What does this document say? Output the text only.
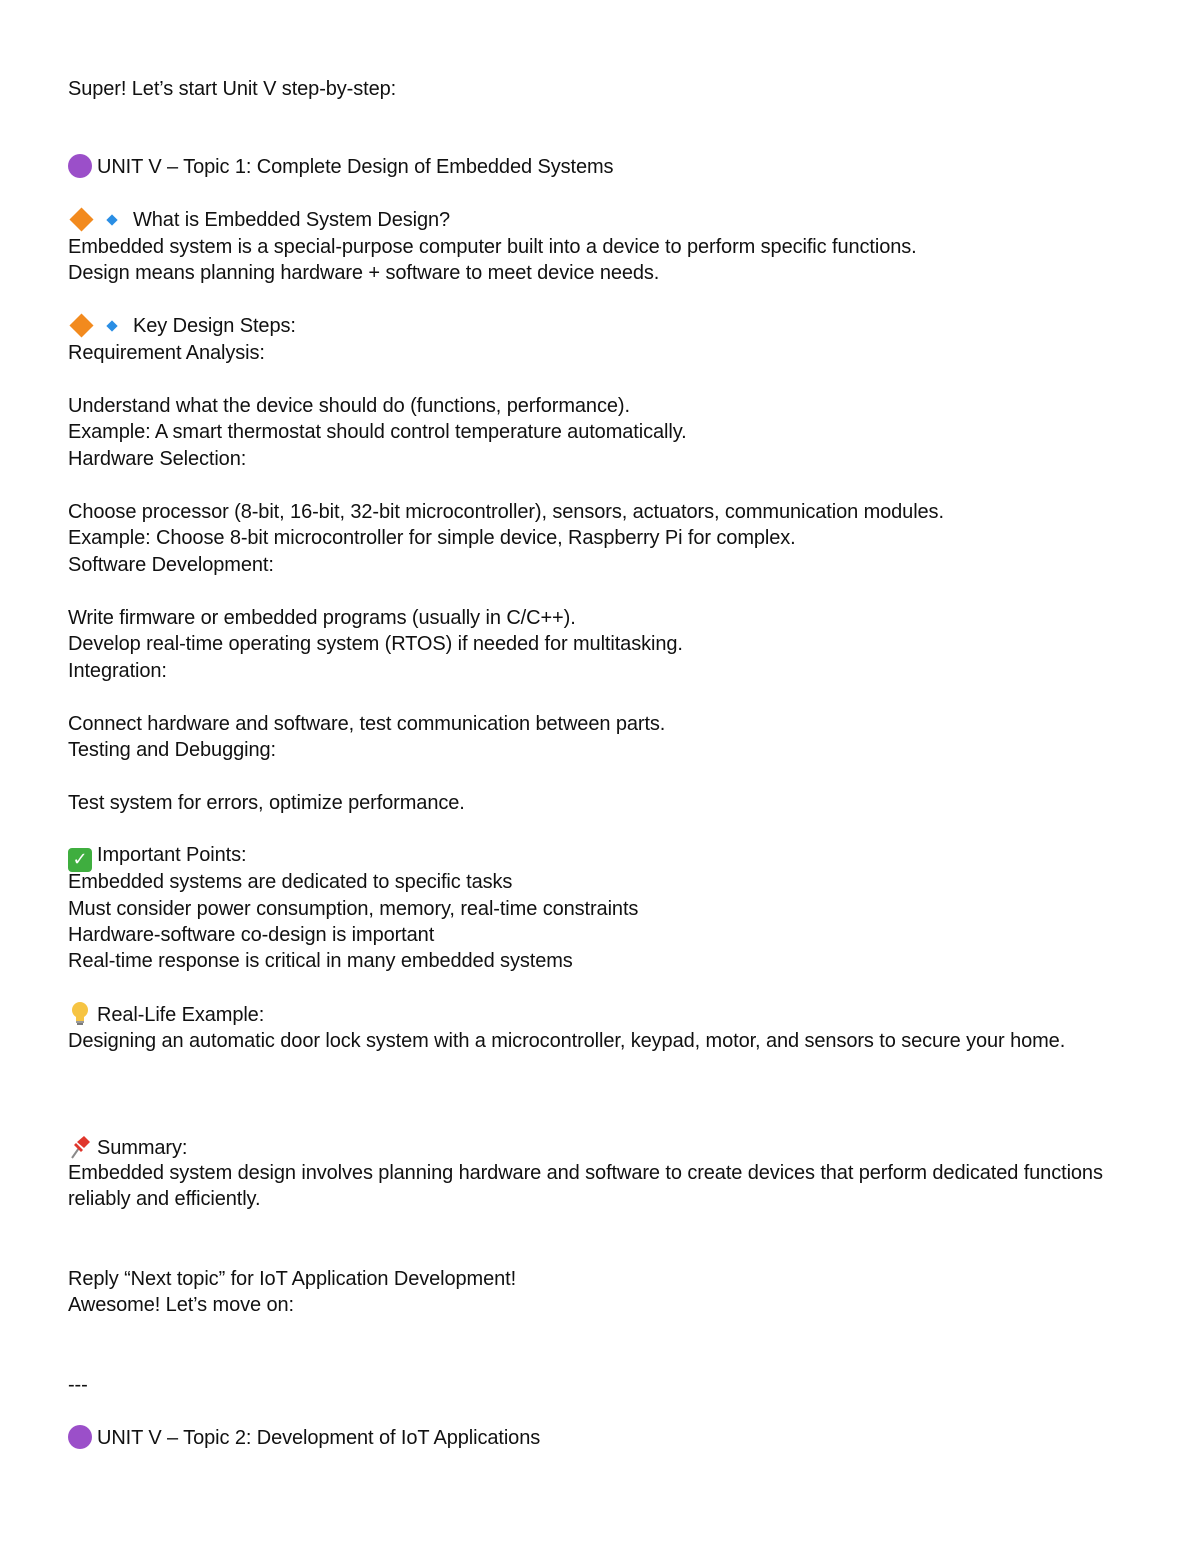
Super! Let’s start Unit V step-by-step:
UNIT V – Topic 1: Complete Design of Embedded Systems
What is Embedded System Design?
Embedded system is a special-purpose computer built into a device to perform specific functions.
Design means planning hardware + software to meet device needs.
Key Design Steps:
Requirement Analysis:
Understand what the device should do (functions, performance).
Example: A smart thermostat should control temperature automatically.
Hardware Selection:
Choose processor (8-bit, 16-bit, 32-bit microcontroller), sensors, actuators, communication modules.
Example: Choose 8-bit microcontroller for simple device, Raspberry Pi for complex.
Software Development:
Write firmware or embedded programs (usually in C/C++).
Develop real-time operating system (RTOS) if needed for multitasking.
Integration:
Connect hardware and software, test communication between parts.
Testing and Debugging:
Test system for errors, optimize performance.
✓ Important Points:
Embedded systems are dedicated to specific tasks
Must consider power consumption, memory, real-time constraints
Hardware-software co-design is important
Real-time response is critical in many embedded systems
Real-Life Example:
Designing an automatic door lock system with a microcontroller, keypad, motor, and sensors to secure your home.
Summary:
Embedded system design involves planning hardware and software to create devices that perform dedicated functions reliably and efficiently.
Reply “Next topic” for IoT Application Development!
Awesome! Let’s move on:
---
UNIT V – Topic 2: Development of IoT Applications
